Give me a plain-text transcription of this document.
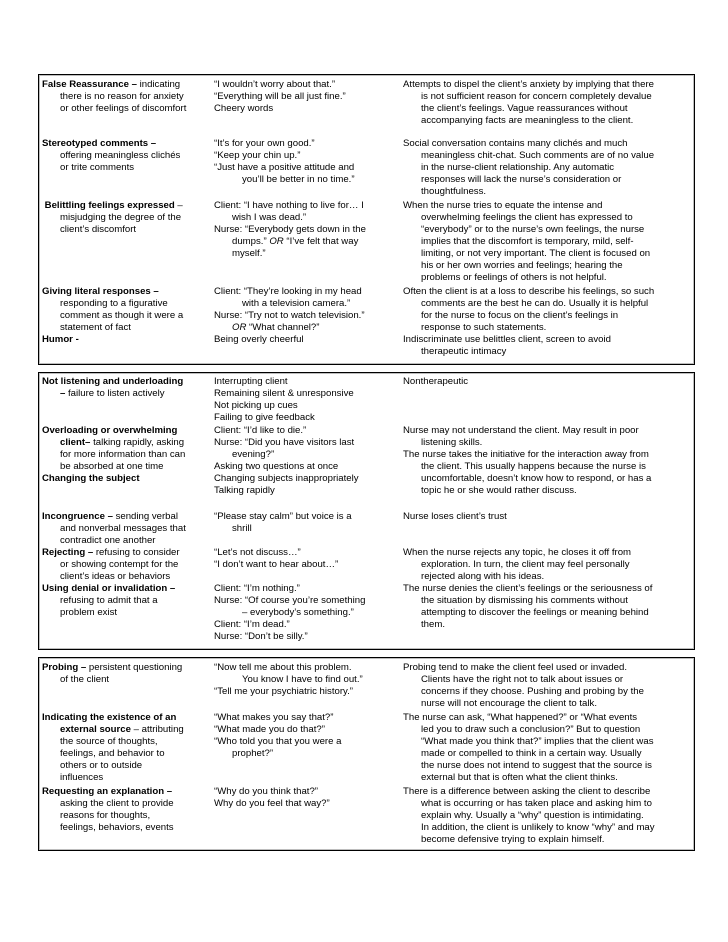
False Reassurance – indicating
there is no reason for anxiety
or other feelings of discomfort
“I wouldn’t worry about that.”
“Everything will be all just fine.”
Cheery words
Attempts to dispel the client’s anxiety by implying that there
is not sufficient reason for concern completely devalue
the client’s feelings. Vague reassurances without
accompanying facts are meaningless to the client.
Stereotyped comments –
offering meaningless clichés
or trite comments
“It’s for your own good.”
“Keep your chin up.”
“Just have a positive attitude and
you’ll be better in no time.”
Social conversation contains many clichés and much
meaningless chit-chat. Such comments are of no value
in the nurse-client relationship. Any automatic
responses will lack the nurse’s consideration or
thoughtfulness.
Belittling feelings expressed –
misjudging the degree of the
client’s discomfort
Client: “I have nothing to live for… I
wish I was dead.”
Nurse: “Everybody gets down in the
dumps.” OR “I’ve felt that way
myself.”
When the nurse tries to equate the intense and
overwhelming feelings the client has expressed to
“everybody” or to the nurse’s own feelings, the nurse
implies that the discomfort is temporary, mild, self-
limiting, or not very important. The client is focused on
his or her own worries and feelings; hearing the
problems or feelings of others is not helpful.
Giving literal responses –
responding to a figurative
comment as though it were a
statement of fact
Humor -
Client: “They’re looking in my head
with a television camera.”
Nurse: “Try not to watch television.”
OR “What channel?”
Being overly cheerful
Often the client is at a loss to describe his feelings, so such
comments are the best he can do. Usually it is helpful
for the nurse to focus on the client’s feelings in
response to such statements.
Indiscriminate use belittles client, screen to avoid
therapeutic intimacy
Not listening and underloading
– failure to listen actively
Interrupting client
Remaining silent & unresponsive
Not picking up cues
Failing to give feedback
Nontherapeutic
Overloading or overwhelming
client– talking rapidly, asking
for more information than can
be absorbed at one time
Changing the subject
Client: “I’d like to die.”
Nurse: “Did you have visitors last
evening?”
Asking two questions at once
Changing subjects inappropriately
Talking rapidly
Nurse may not understand the client. May result in poor
listening skills.
The nurse takes the initiative for the interaction away from
the client. This usually happens because the nurse is
uncomfortable, doesn’t know how to respond, or has a
topic he or she would rather discuss.
Incongruence – sending verbal
and nonverbal messages that
contradict one another
Rejecting – refusing to consider
or showing contempt for the
client’s ideas or behaviors
Using denial or invalidation –
refusing to admit that a
problem exist
“Please stay calm” but voice is a
shrill
“Let’s not discuss…”
“I don’t want to hear about…”
Client: “I’m nothing.”
Nurse: “Of course you’re something
– everybody’s something.”
Client: “I’m dead.”
Nurse: “Don’t be silly.”
Nurse loses client’s trust
When the nurse rejects any topic, he closes it off from
exploration. In turn, the client may feel personally
rejected along with his ideas.
The nurse denies the client’s feelings or the seriousness of
the situation by dismissing his comments without
attempting to discover the feelings or meaning behind
them.
Probing – persistent questioning
of the client
“Now tell me about this problem.
You know I have to find out.”
“Tell me your psychiatric history.”
Probing tend to make the client feel used or invaded.
Clients have the right not to talk about issues or
concerns if they choose. Pushing and probing by the
nurse will not encourage the client to talk.
Indicating the existence of an
external source – attributing
the source of thoughts,
feelings, and behavior to
others or to outside
influences
“What makes you say that?”
“What made you do that?”
“Who told you that you were a
prophet?”
The nurse can ask, “What happened?” or “What events
led you to draw such a conclusion?” But to question
“What made you think that?” implies that the client was
made or compelled to think in a certain way. Usually
the nurse does not intend to suggest that the source is
external but that is often what the client thinks.
Requesting an explanation –
asking the client to provide
reasons for thoughts,
feelings, behaviors, events
“Why do you think that?”
Why do you feel that way?”
There is a difference between asking the client to describe
what is occurring or has taken place and asking him to
explain why. Usually a “why” question is intimidating.
In addition, the client is unlikely to know “why” and may
become defensive trying to explain himself.
